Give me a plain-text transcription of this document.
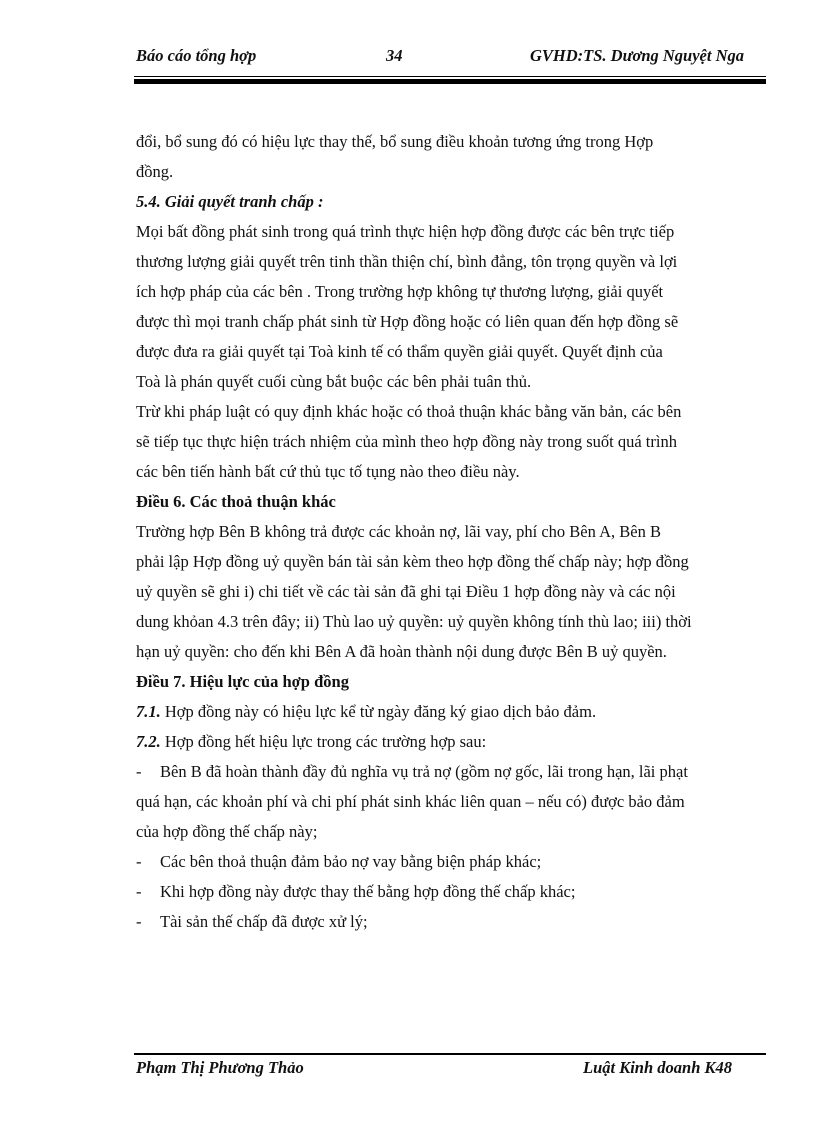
Báo cáo tổng hợp	34	GVHD:TS. Dương Nguyệt Nga

đổi, bổ sung đó có hiệu lực thay thế, bổ sung điều khoản tương ứng trong Hợp

đồng.

5.4. Giải quyết tranh chấp :

Mọi bất đồng phát sinh trong quá trình thực hiện hợp đồng được các bên trực tiếp

thương lượng giải quyết trên tinh thần thiện chí, bình đẳng, tôn trọng quyền và lợi

ích hợp pháp của các bên . Trong trường hợp không tự thương lượng, giải quyết

được thì mọi tranh chấp phát sinh từ Hợp đồng hoặc có liên quan đến hợp đồng sẽ

được đưa ra giải quyết tại Toà kinh tế có thẩm quyền giải quyết. Quyết định của

Toà là phán quyết cuối cùng bắt buộc các bên phải tuân thủ.

Trừ khi pháp luật có quy định khác hoặc có thoả thuận khác bằng văn bản, các bên

sẽ tiếp tục thực hiện trách nhiệm của mình theo hợp đồng này trong suốt quá trình

các bên tiến hành bất cứ thủ tục tố tụng nào theo điều này.

Điều 6. Các thoả thuận khác

Trường hợp Bên B không trả được các khoản nợ, lãi vay, phí cho Bên A, Bên B

phải lập Hợp đồng uỷ quyền bán tài sản kèm theo hợp đồng thế chấp này; hợp đồng

uỷ quyền sẽ ghi i) chi tiết về các tài sản đã ghi tại Điều 1 hợp đồng này và các nội

dung khỏan 4.3 trên đây; ii) Thù lao uỷ quyền: uỷ quyền không tính thù lao; iii) thời

hạn uỷ quyền: cho đến khi Bên A đã hoàn thành nội dung được Bên B uỷ quyền.

Điều 7. Hiệu lực của hợp đồng

7.1. Hợp đồng này có hiệu lực kể từ ngày đăng ký giao dịch bảo đảm.

7.2. Hợp đồng hết hiệu lực trong các trường hợp sau:

-	Bên B đã hoàn thành đầy đủ nghĩa vụ trả nợ (gồm nợ gốc, lãi trong hạn, lãi phạt

quá hạn, các khoản phí và chi phí phát sinh khác liên quan – nếu có) được bảo đảm

của hợp đồng thế chấp này;

-	Các bên thoả thuận đảm bảo nợ vay bằng biện pháp khác;

-	Khi hợp đồng này được thay thế bằng hợp đồng thế chấp khác;

-	Tài sản thế chấp đã được xử lý;

Phạm Thị Phương Thảo	Luật Kinh doanh K48
